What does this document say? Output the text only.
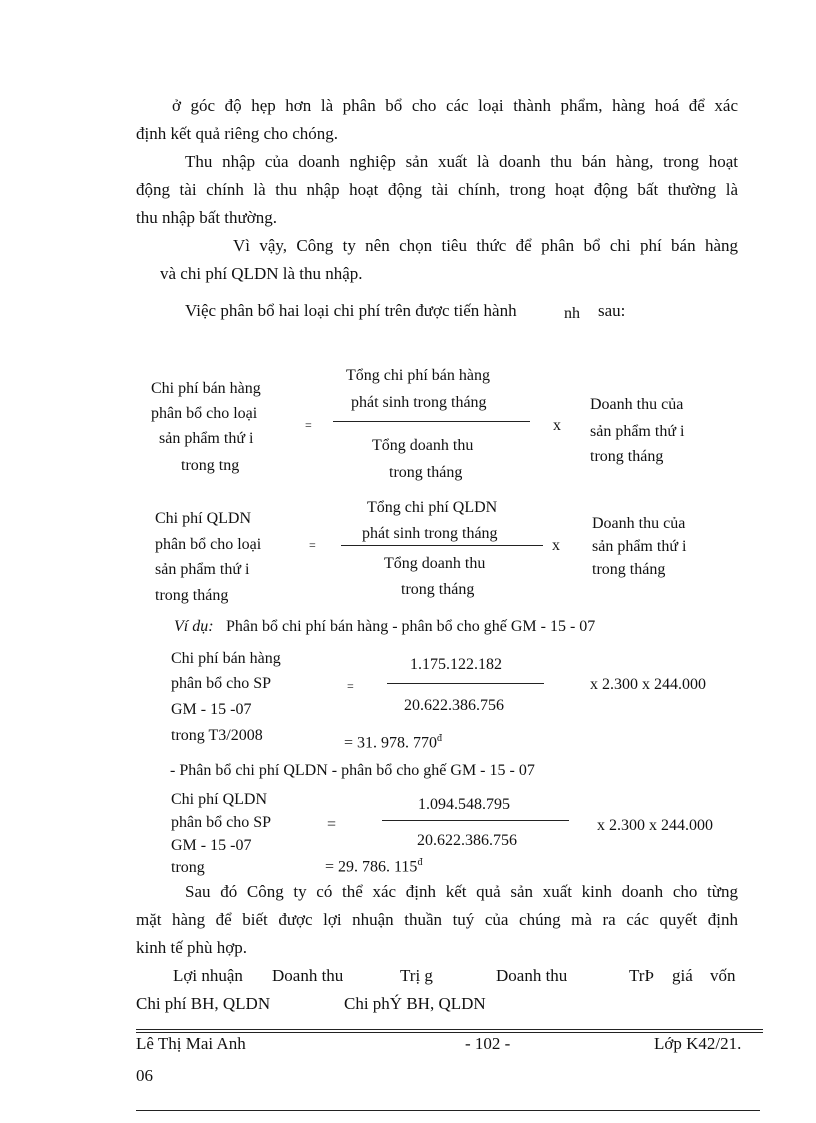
ở góc độ hẹp hơn là phân bổ cho các loại thành phẩm, hàng hoá để xác
định kết quả riêng cho chóng.
Thu nhập của doanh nghiệp sản xuất là doanh thu bán hàng, trong hoạt
động tài chính là thu nhập hoạt động tài chính, trong hoạt động bất thường là
thu nhập bất thường.
Vì vậy, Công ty nên chọn tiêu thức để phân bổ chi phí bán hàng
và chi phí QLDN là thu nhập.
Việc phân bổ hai loại chi phí trên được tiến hành	nh sau:
Chi phí bán hàng
phân bổ cho loại
sản phẩm thứ i
trong tng
=
Tổng chi phí bán hàng
phát sinh trong tháng
Tổng doanh thu
trong tháng
x
Doanh thu của
sản phẩm thứ i
trong tháng
Chi phí QLDN
phân bổ cho loại
sản phẩm thứ i
trong tháng
=
Tổng chi phí QLDN
phát sinh trong tháng
Tổng doanh thu
trong tháng
x
Doanh thu của
sản phẩm thứ i
trong tháng
Ví dụ: Phân bổ chi phí bán hàng - phân bổ cho ghế GM - 15 - 07
Chi phí bán hàng
phân bổ cho SP
GM - 15 -07
trong T3/2008
=
1.175.122.182
20.622.386.756
x 2.300 x 244.000
= 31. 978. $770^đ$
- Phân bổ chi phí QLDN - phân bổ cho ghế GM - 15 - 07
Chi phí QLDN
phân bổ cho SP
GM - 15 -07
trong
=
1.094.548.795
20.622.386.756
x 2.300 x 244.000
= 29. 786. $115^đ$
Sau đó Công ty có thể xác định kết quả sản xuất kinh doanh cho từng
mặt hàng để biết được lợi nhuận thuần tuý của chúng mà ra các quyết định
kinh tế phù hợp.
Lợi nhuận Doanh thu	Trị g	Doanh thu	TrÞ giá vốn
Chi phí BH, QLDN	Chi phÝ BH, QLDN
Lê Thị Mai Anh	- 102 -	Lớp K42/21.
06
